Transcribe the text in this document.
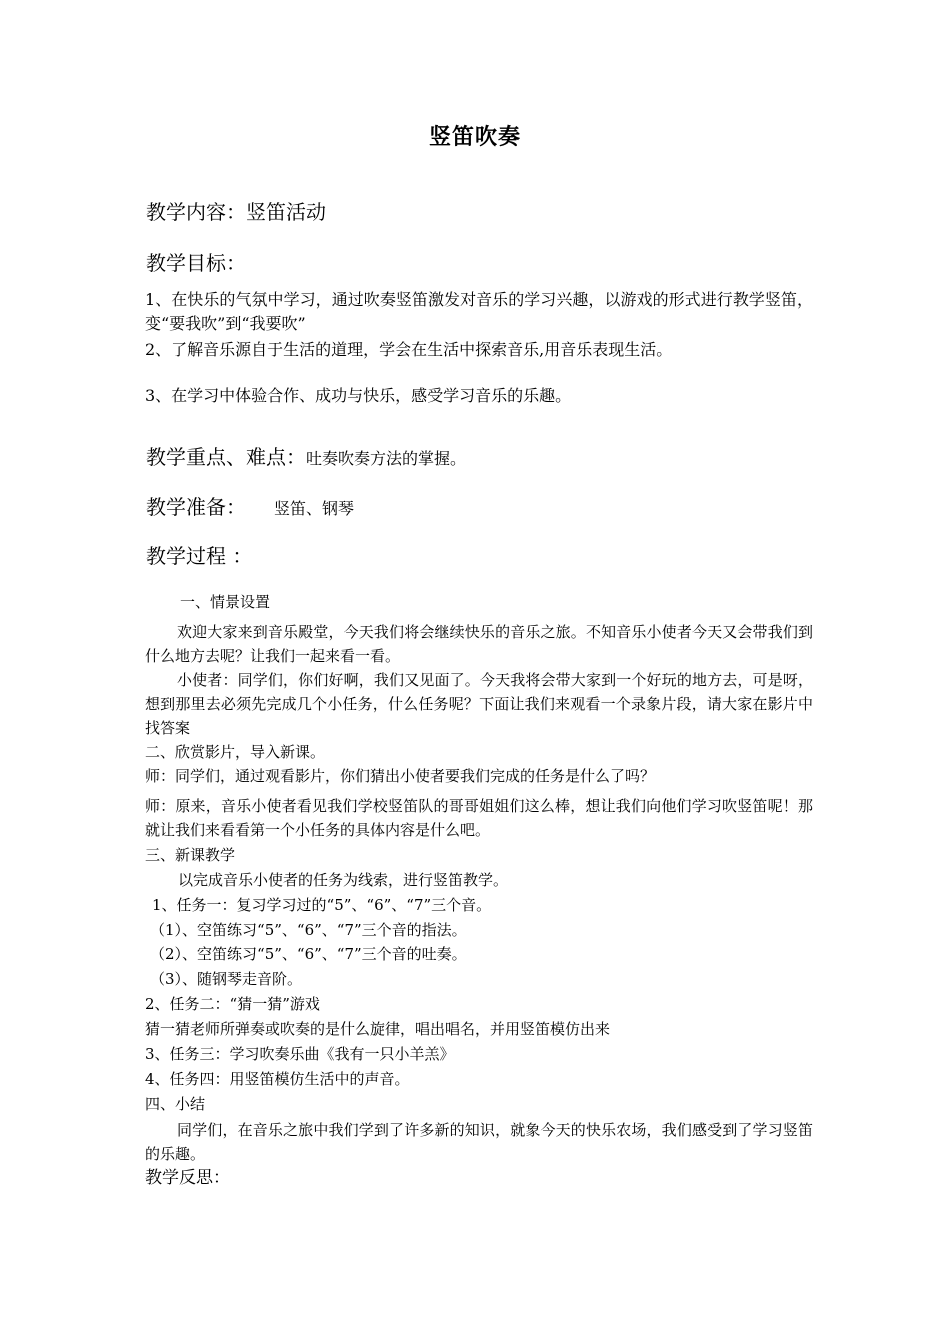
竖笛吹奏
教学内容：竖笛活动
教学目标：
1、在快乐的气氛中学习，通过吹奏竖笛激发对音乐的学习兴趣，以游戏的形式进行教学竖笛，变“要我吹”到“我要吹”
2、了解音乐源自于生活的道理，学会在生活中探索音乐,用音乐表现生活。
3、在学习中体验合作、成功与快乐，感受学习音乐的乐趣。
教学重点、难点：吐奏吹奏方法的掌握。
教学准备： 竖笛、钢琴
教学过程 ：
一、情景设置
欢迎大家来到音乐殿堂，今天我们将会继续快乐的音乐之旅。不知音乐小使者今天又会带我们到什么地方去呢？让我们一起来看一看。
小使者：同学们，你们好啊，我们又见面了。今天我将会带大家到一个好玩的地方去，可是呀，想到那里去必须先完成几个小任务，什么任务呢？下面让我们来观看一个录象片段，请大家在影片中找答案
二、欣赏影片，导入新课。
师：同学们，通过观看影片，你们猜出小使者要我们完成的任务是什么了吗？
师：原来，音乐小使者看见我们学校竖笛队的哥哥姐姐们这么棒，想让我们向他们学习吹竖笛呢！那就让我们来看看第一个小任务的具体内容是什么吧。
三、新课教学
以完成音乐小使者的任务为线索，进行竖笛教学。
1、任务一：复习学习过的“5”、“6”、“7”三个音。
（1）、空笛练习“5”、“6”、“7”三个音的指法。
（2）、空笛练习“5”、“6”、“7”三个音的吐奏。
（3）、随钢琴走音阶。
2、任务二：“猜一猜”游戏
猜一猜老师所弹奏或吹奏的是什么旋律，唱出唱名，并用竖笛模仿出来
3、任务三：学习吹奏乐曲《我有一只小羊羔》
4、任务四：用竖笛模仿生活中的声音。
四、小结
同学们，在音乐之旅中我们学到了许多新的知识，就象今天的快乐农场，我们感受到了学习竖笛的乐趣。
教学反思：
